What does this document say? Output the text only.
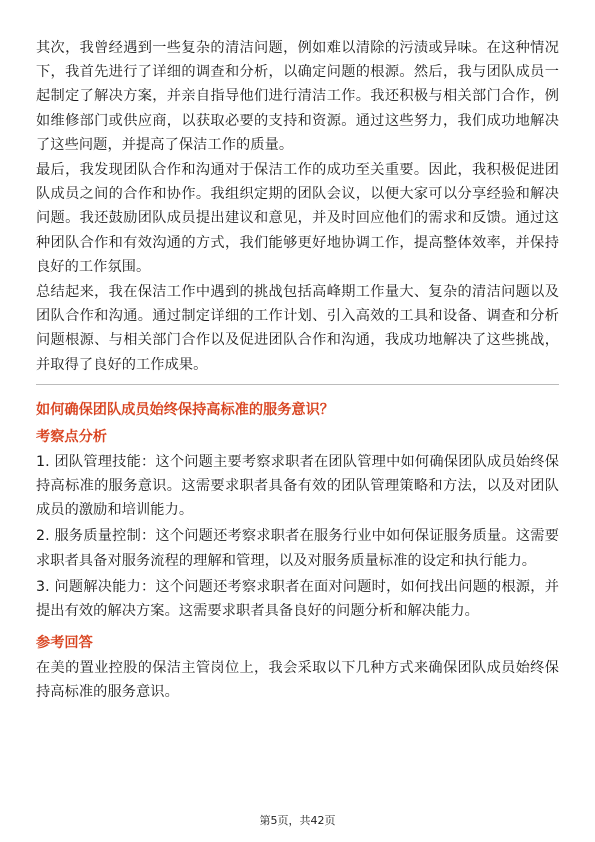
其次，我曾经遇到一些复杂的清洁问题，例如难以清除的污渍或异味。在这种情况下，我首先进行了详细的调查和分析，以确定问题的根源。然后，我与团队成员一起制定了解决方案，并亲自指导他们进行清洁工作。我还积极与相关部门合作，例如维修部门或供应商，以获取必要的支持和资源。通过这些努力，我们成功地解决了这些问题，并提高了保洁工作的质量。

最后，我发现团队合作和沟通对于保洁工作的成功至关重要。因此，我积极促进团队成员之间的合作和协作。我组织定期的团队会议，以便大家可以分享经验和解决问题。我还鼓励团队成员提出建议和意见，并及时回应他们的需求和反馈。通过这种团队合作和有效沟通的方式，我们能够更好地协调工作，提高整体效率，并保持良好的工作氛围。

总结起来，我在保洁工作中遇到的挑战包括高峰期工作量大、复杂的清洁问题以及团队合作和沟通。通过制定详细的工作计划、引入高效的工具和设备、调查和分析问题根源、与相关部门合作以及促进团队合作和沟通，我成功地解决了这些挑战，并取得了良好的工作成果。

如何确保团队成员始终保持高标准的服务意识？
考察点分析

1. 团队管理技能：这个问题主要考察求职者在团队管理中如何确保团队成员始终保持高标准的服务意识。这需要求职者具备有效的团队管理策略和方法，以及对团队成员的激励和培训能力。

2. 服务质量控制：这个问题还考察求职者在服务行业中如何保证服务质量。这需要求职者具备对服务流程的理解和管理，以及对服务质量标准的设定和执行能力。

3. 问题解决能力：这个问题还考察求职者在面对问题时，如何找出问题的根源，并提出有效的解决方案。这需要求职者具备良好的问题分析和解决能力。

参考回答

在美的置业控股的保洁主管岗位上，我会采取以下几种方式来确保团队成员始终保持高标准的服务意识。

第5页，共42页
